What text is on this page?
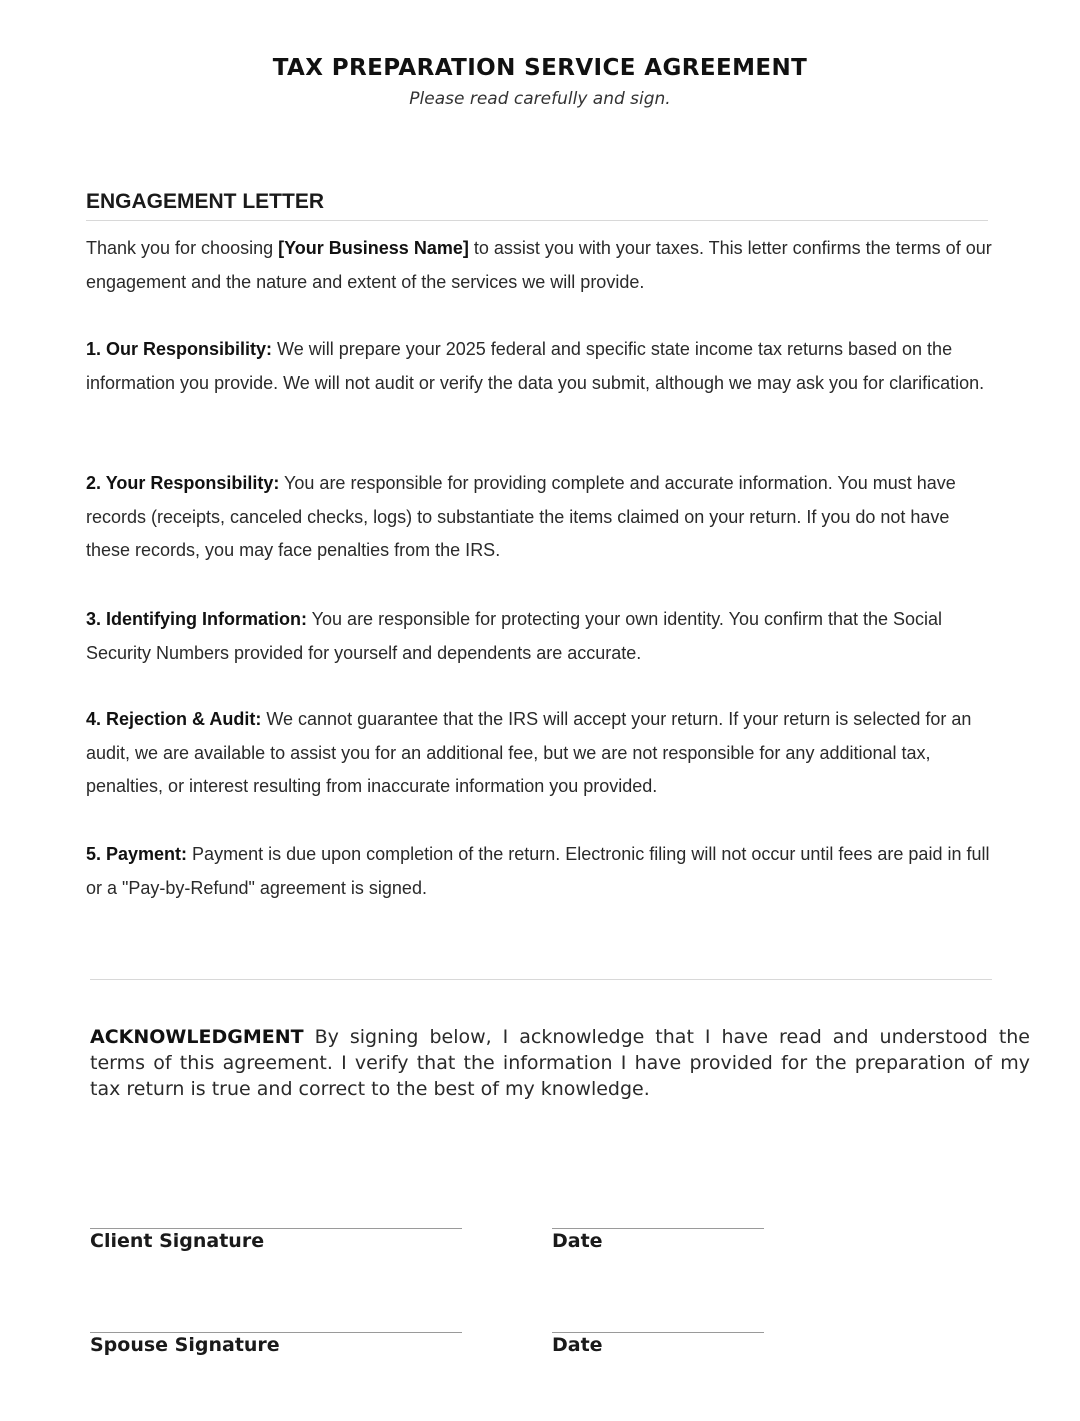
TAX PREPARATION SERVICE AGREEMENT
Please read carefully and sign.
ENGAGEMENT LETTER
Thank you for choosing [Your Business Name] to assist you with your taxes. This letter confirms the terms of our engagement and the nature and extent of the services we will provide.
1. Our Responsibility: We will prepare your 2025 federal and specific state income tax returns based on the information you provide. We will not audit or verify the data you submit, although we may ask you for clarification.
2. Your Responsibility: You are responsible for providing complete and accurate information. You must have records (receipts, canceled checks, logs) to substantiate the items claimed on your return. If you do not have these records, you may face penalties from the IRS.
3. Identifying Information: You are responsible for protecting your own identity. You confirm that the Social Security Numbers provided for yourself and dependents are accurate.
4. Rejection & Audit: We cannot guarantee that the IRS will accept your return. If your return is selected for an audit, we are available to assist you for an additional fee, but we are not responsible for any additional tax, penalties, or interest resulting from inaccurate information you provided.
5. Payment: Payment is due upon completion of the return. Electronic filing will not occur until fees are paid in full or a "Pay-by-Refund" agreement is signed.
ACKNOWLEDGMENT By signing below, I acknowledge that I have read and understood the terms of this agreement. I verify that the information I have provided for the preparation of my tax return is true and correct to the best of my knowledge.
Client Signature	Date
Spouse Signature	Date
